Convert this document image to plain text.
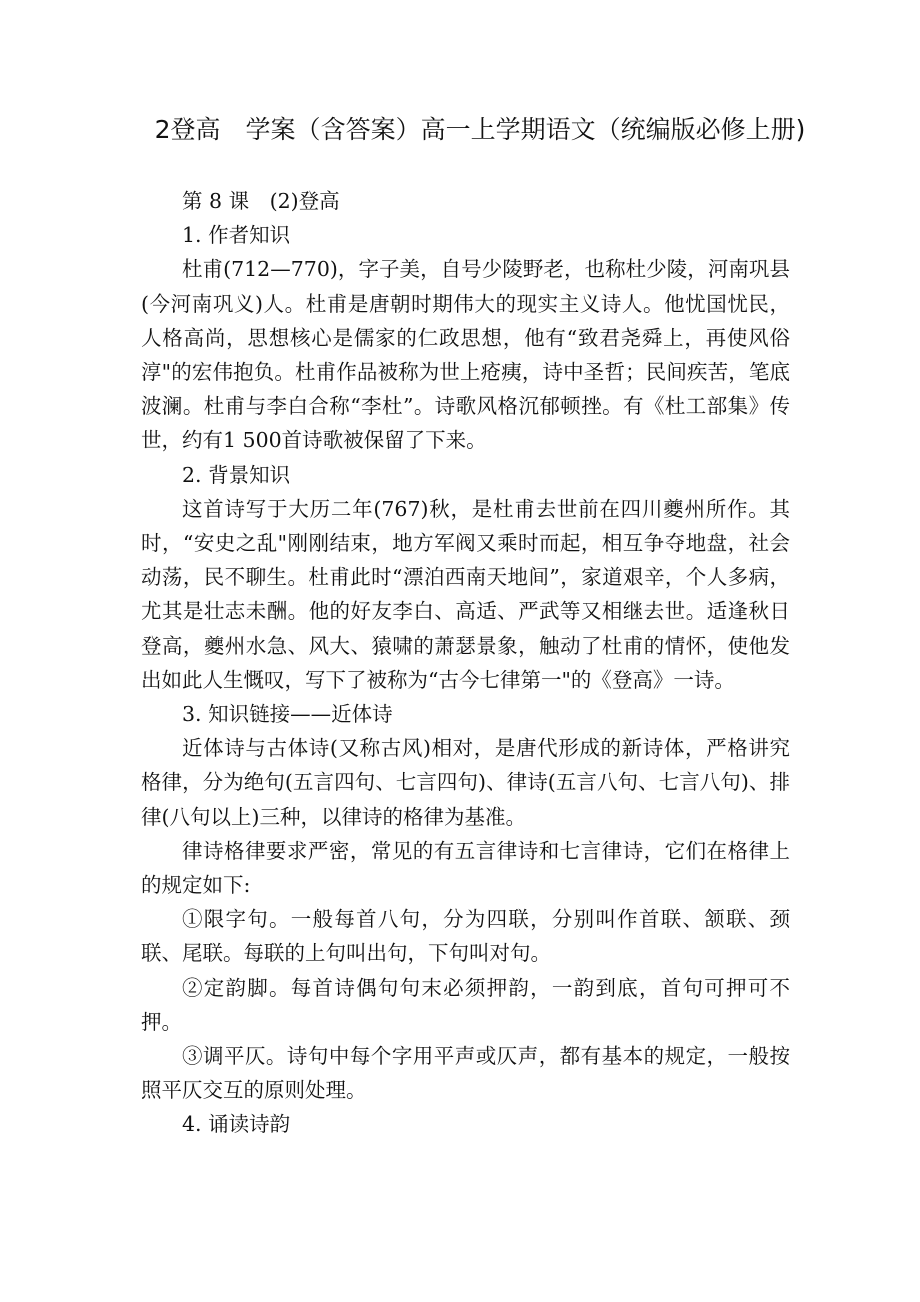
2登高　学案（含答案）高一上学期语文（统编版必修上册)

第 8 课　(2)登高

1. 作者知识

杜甫(712—770)，字子美，自号少陵野老，也称杜少陵，河南巩县(今河南巩义)人。杜甫是唐朝时期伟大的现实主义诗人。他忧国忧民，人格高尚，思想核心是儒家的仁政思想，他有“致君尧舜上，再使风俗淳"的宏伟抱负。杜甫作品被称为世上疮痍，诗中圣哲；民间疾苦，笔底波澜。杜甫与李白合称“李杜”。诗歌风格沉郁顿挫。有《杜工部集》传世，约有1 500首诗歌被保留了下来。

2. 背景知识

这首诗写于大历二年(767)秋，是杜甫去世前在四川夔州所作。其时，“安史之乱"刚刚结束，地方军阀又乘时而起，相互争夺地盘，社会动荡，民不聊生。杜甫此时“漂泊西南天地间”，家道艰辛，个人多病，尤其是壮志未酬。他的好友李白、高适、严武等又相继去世。适逢秋日登高，夔州水急、风大、猿啸的萧瑟景象，触动了杜甫的情怀，使他发出如此人生慨叹，写下了被称为“古今七律第一"的《登高》一诗。

3. 知识链接——近体诗

近体诗与古体诗(又称古风)相对，是唐代形成的新诗体，严格讲究格律，分为绝句(五言四句、七言四句)、律诗(五言八句、七言八句)、排律(八句以上)三种，以律诗的格律为基准。

律诗格律要求严密，常见的有五言律诗和七言律诗，它们在格律上的规定如下:

①限字句。一般每首八句，分为四联，分别叫作首联、颔联、颈联、尾联。每联的上句叫出句，下句叫对句。

②定韵脚。每首诗偶句句末必须押韵，一韵到底，首句可押可不押。

③调平仄。诗句中每个字用平声或仄声，都有基本的规定，一般按照平仄交互的原则处理。

4. 诵读诗韵
